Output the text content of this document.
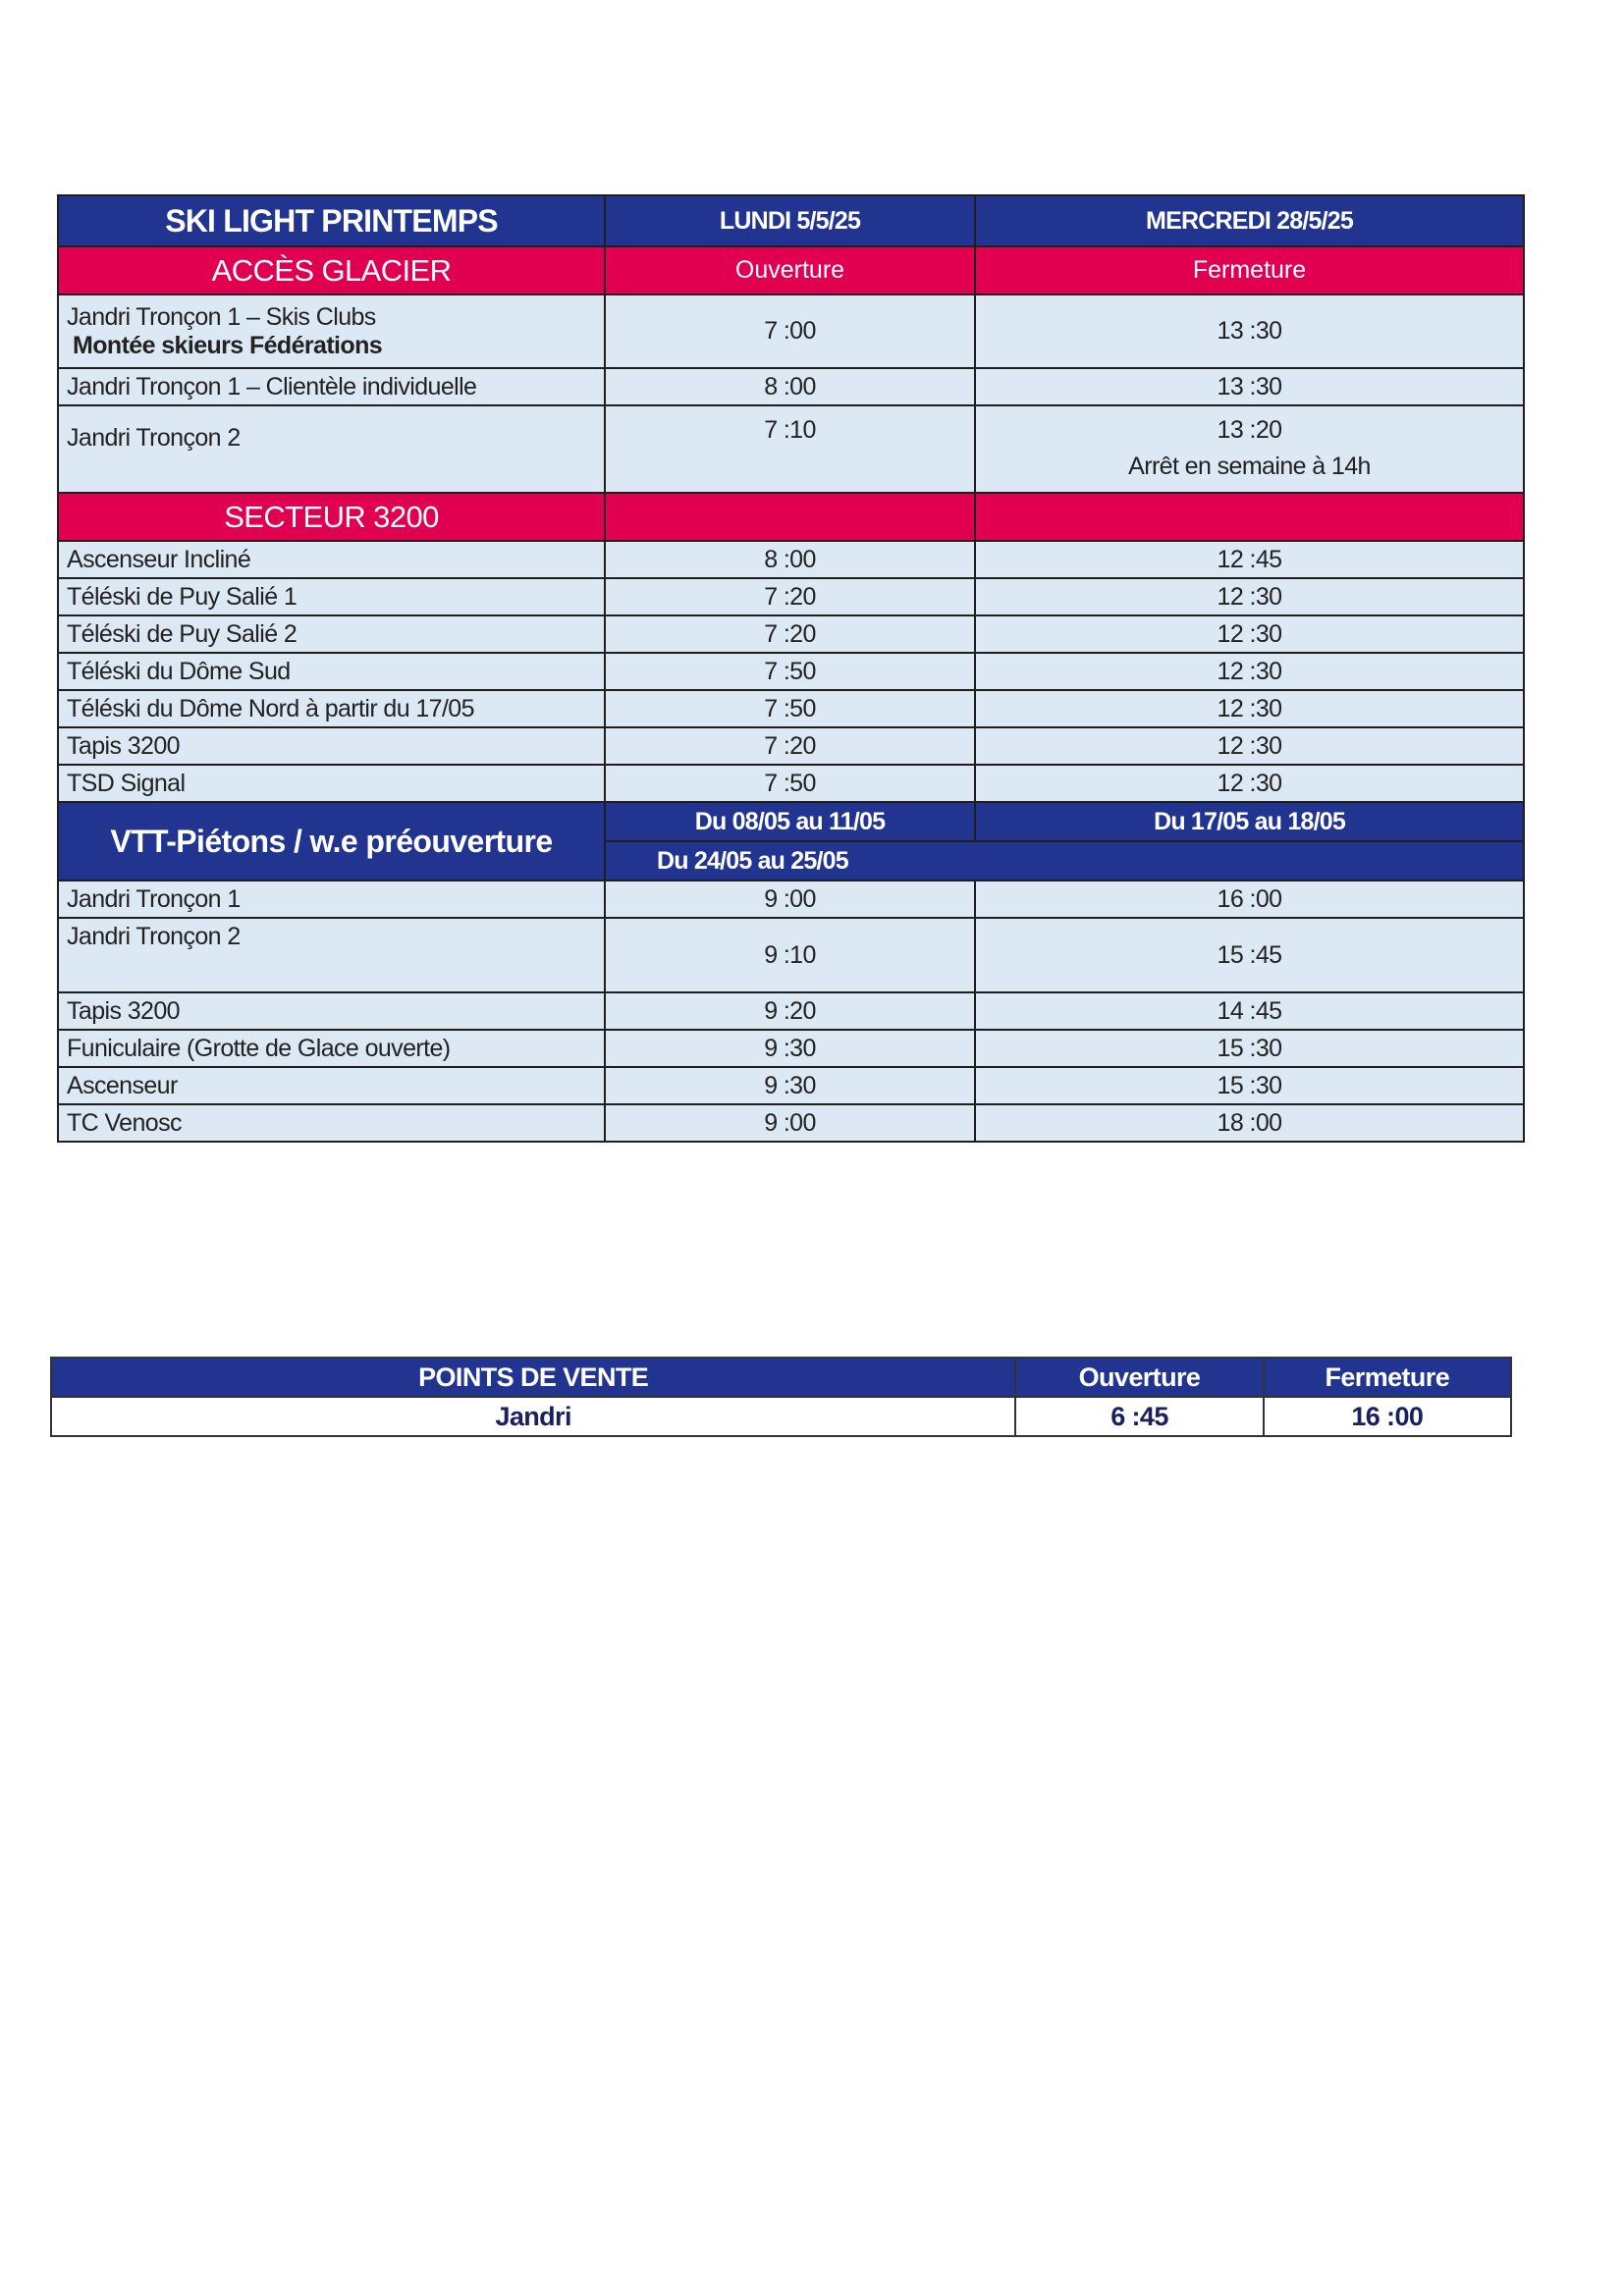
SKI LIGHT PRINTEMPS	LUNDI 5/5/25	MERCREDI 28/5/25
ACCÈS GLACIER	Ouverture	Fermeture

Jandri Tronçon 1 – Skis Clubs
Montée skieurs Fédérations	7 :00	13 :30
Jandri Tronçon 1 – Clientèle individuelle	8 :00	13 :30
Jandri Tronçon 2	7 :10	13 :20
Arrêt en semaine à 14h

SECTEUR 3200		
Ascenseur Incliné	8 :00	12 :45
Téléski de Puy Salié 1	7 :20	12 :30
Téléski de Puy Salié 2	7 :20	12 :30
Téléski du Dôme Sud	7 :50	12 :30
Téléski du Dôme Nord à partir du 17/05	7 :50	12 :30
Tapis 3200	7 :20	12 :30
TSD Signal	7 :50	12 :30
VTT-Piétons / w.e préouverture	Du 08/05 au 11/05	Du 17/05 au 18/05
	Du 24/05 au 25/05	
Jandri Tronçon 1	9 :00	16 :00
Jandri Tronçon 2	9 :10	15 :45
Tapis 3200	9 :20	14 :45
Funiculaire (Grotte de Glace ouverte)	9 :30	15 :30
Ascenseur	9 :30	15 :30
TC Venosc	9 :00	18 :00
POINTS DE VENTE	Ouverture	Fermeture
Jandri	6 :45	16 :00
